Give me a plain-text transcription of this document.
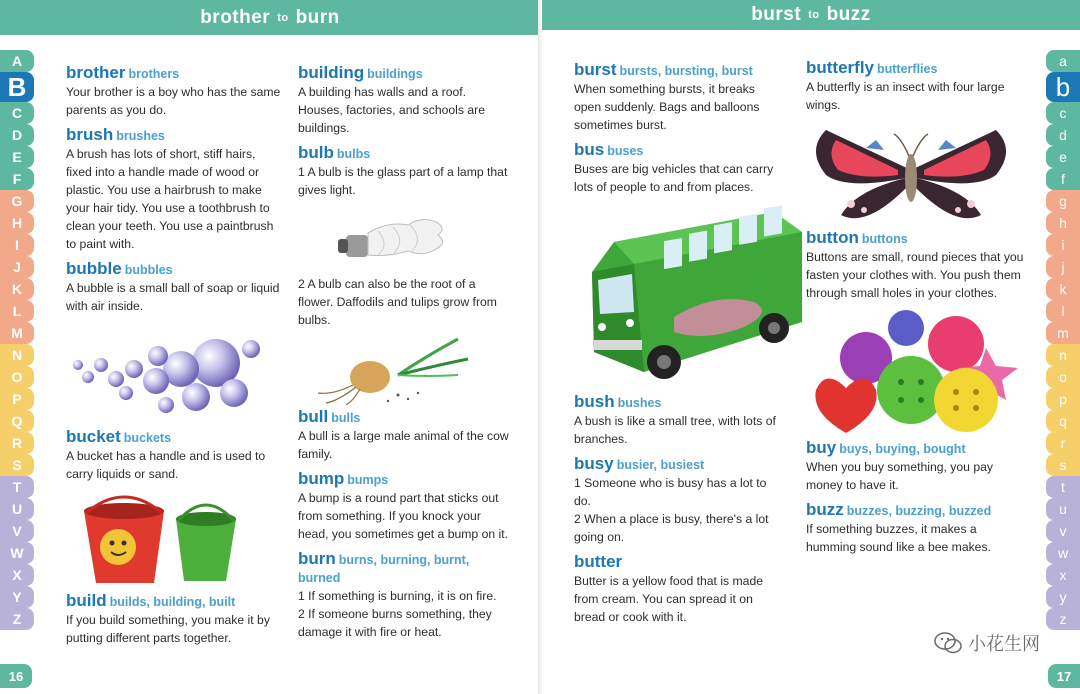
brother to burn
A
B
C
D
E
F
G
H
I
J
K
L
M
N
O
P
Q
R
S
T
U
V
W
X
Y
Z
brother brothers
Your brother is a boy who has the same parents as you do.
brush brushes
A brush has lots of short, stiff hairs, fixed into a handle made of wood or plastic. You use a hairbrush to make your hair tidy. You use a toothbrush to clean your teeth. You use a paintbrush to paint with.
bubble bubbles
A bubble is a small ball of soap or liquid with air inside.
bucket buckets
A bucket has a handle and is used to carry liquids or sand.
build builds, building, built
If you build something, you make it by putting different parts together.
building buildings
A building has walls and a roof. Houses, factories, and schools are buildings.
bulb bulbs
1 A bulb is the glass part of a lamp that gives light.
2 A bulb can also be the root of a flower. Daffodils and tulips grow from bulbs.
bull bulls
A bull is a large male animal of the cow family.
bump bumps
A bump is a round part that sticks out from something. If you knock your head, you sometimes get a bump on it.
burn burns, burning, burnt, burned
1 If something is burning, it is on fire.
2 If someone burns something, they damage it with fire or heat.
16
burst to buzz
a
b
c
d
e
f
g
h
i
j
k
l
m
n
o
p
q
r
s
t
u
v
w
x
y
z
burst bursts, bursting, burst
When something bursts, it breaks open suddenly. Bags and balloons sometimes burst.
bus buses
Buses are big vehicles that can carry lots of people to and from places.
bush bushes
A bush is like a small tree, with lots of branches.
busy busier, busiest
1 Someone who is busy has a lot to do.
2 When a place is busy, there's a lot going on.
butter
Butter is a yellow food that is made from cream. You can spread it on bread or cook with it.
butterfly butterflies
A butterfly is an insect with four large wings.
button buttons
Buttons are small, round pieces that you fasten your clothes with. You push them through small holes in your clothes.
buy buys, buying, bought
When you buy something, you pay money to have it.
buzz buzzes, buzzing, buzzed
If something buzzes, it makes a humming sound like a bee makes.
小花生网
17
